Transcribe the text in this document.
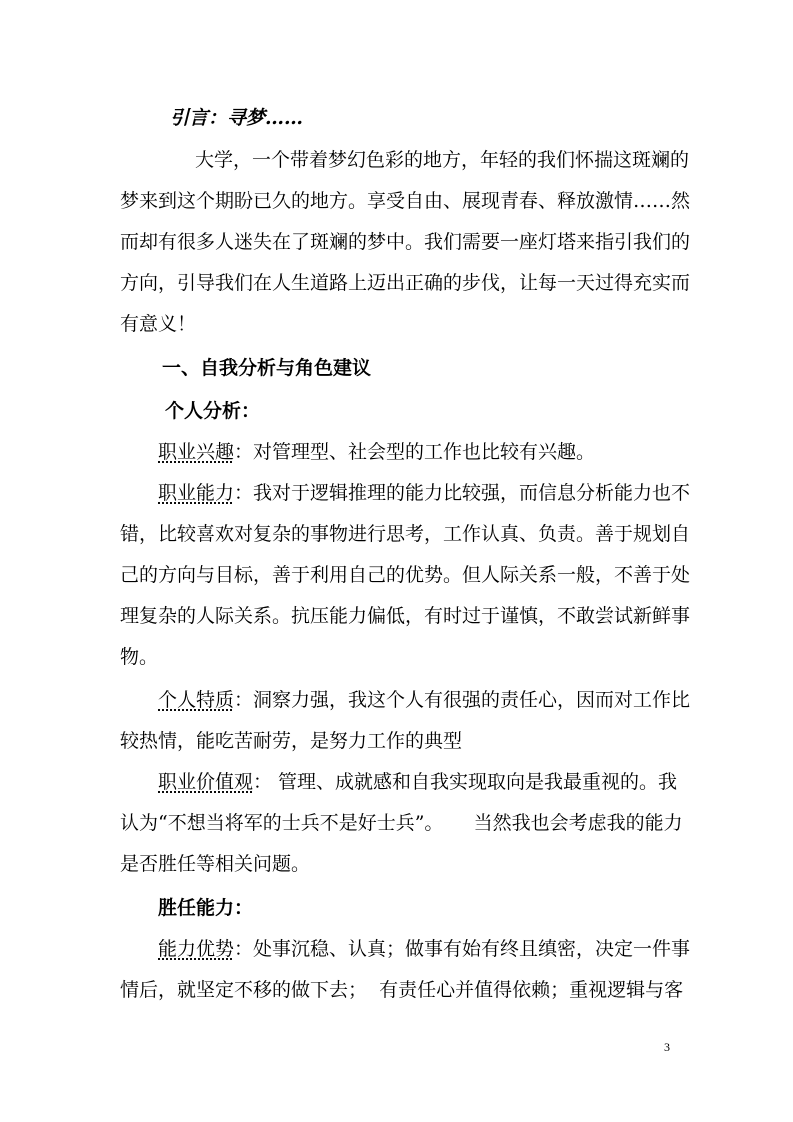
引言：寻梦……
大学，一个带着梦幻色彩的地方，年轻的我们怀揣这斑斓的
梦来到这个期盼已久的地方。享受自由、展现青春、释放激情……然
而却有很多人迷失在了斑斓的梦中。我们需要一座灯塔来指引我们的
方向，引导我们在人生道路上迈出正确的步伐，让每一天过得充实而
有意义！
一、自我分析与角色建议
个人分析：
职业兴趣：对管理型、社会型的工作也比较有兴趣。
职业能力：我对于逻辑推理的能力比较强，而信息分析能力也不
错，比较喜欢对复杂的事物进行思考，工作认真、负责。善于规划自
己的方向与目标，善于利用自己的优势。但人际关系一般，不善于处
理复杂的人际关系。抗压能力偏低，有时过于谨慎，不敢尝试新鲜事
物。
个人特质：洞察力强，我这个人有很强的责任心，因而对工作比
较热情，能吃苦耐劳，是努力工作的典型
职业价值观： 管理、成就感和自我实现取向是我最重视的。我
认为“不想当将军的士兵不是好士兵”。     当然我也会考虑我的能力
是否胜任等相关问题。
胜任能力：
能力优势：处事沉稳、认真；做事有始有终且缜密，决定一件事
情后，就坚定不移的做下去；  有责任心并值得依赖；重视逻辑与客
3
